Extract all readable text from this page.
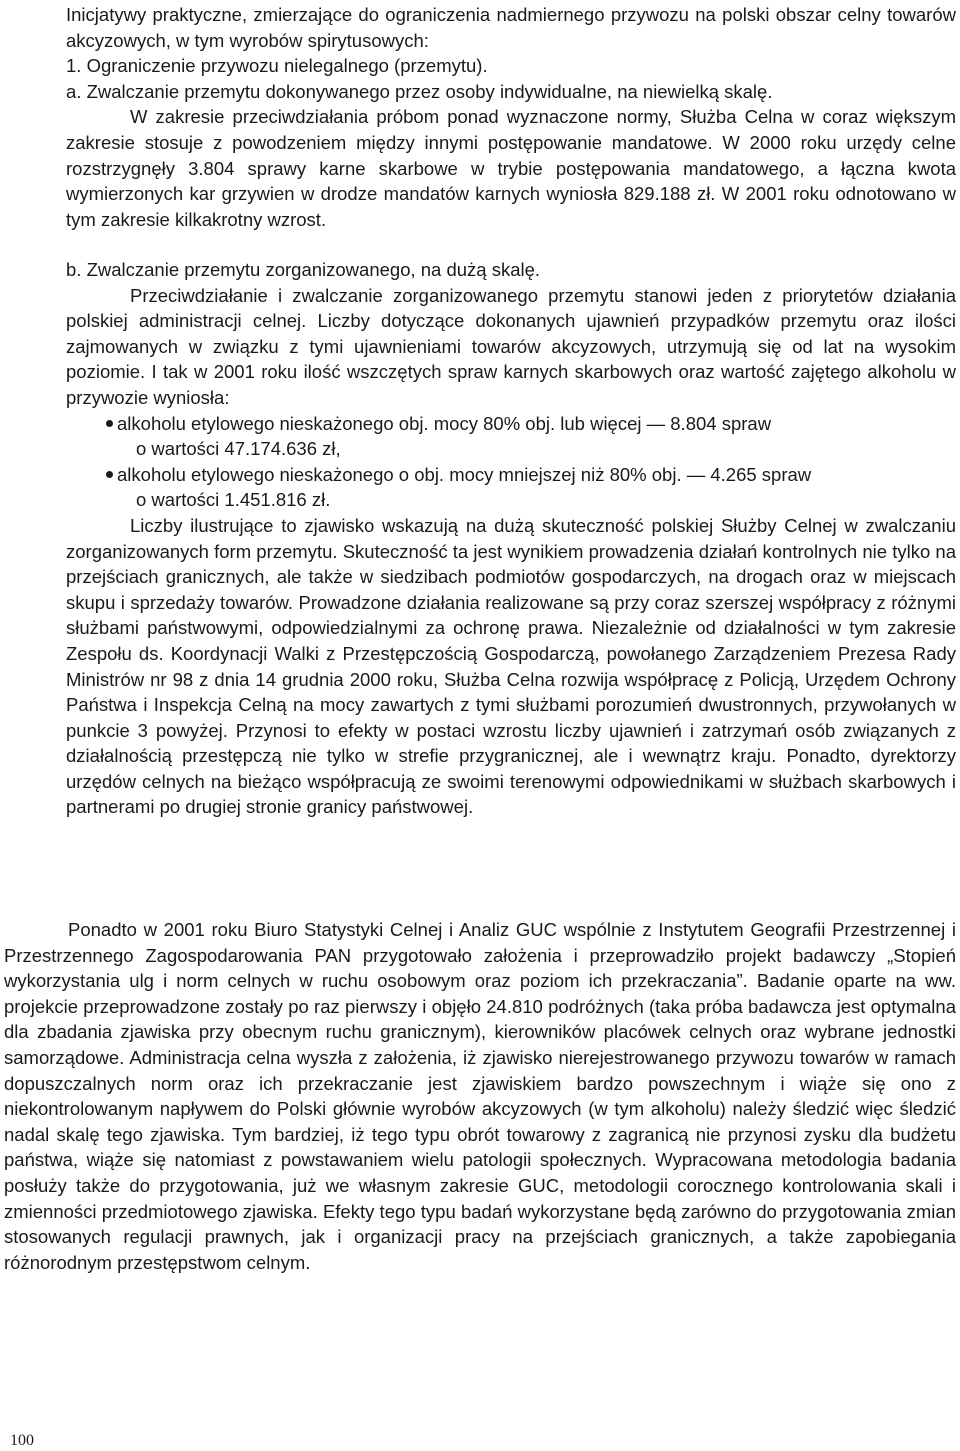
Inicjatywy praktyczne, zmierzające do ograniczenia nadmiernego przywozu na polski obszar celny towarów akcyzowych, w tym wyrobów spirytusowych:

1. Ograniczenie przywozu nielegalnego (przemytu).

a. Zwalczanie przemytu dokonywanego przez osoby indywidualne, na niewielką skalę.

W zakresie przeciwdziałania próbom ponad wyznaczone normy, Służba Celna w coraz większym zakresie stosuje z powodzeniem między innymi postępowanie mandatowe. W 2000 roku urzędy celne rozstrzygnęły 3.804 sprawy karne skarbowe w trybie postępowania mandatowego, a łączna kwota wymierzonych kar grzywien w drodze mandatów karnych wyniosła 829.188 zł. W 2001 roku odnotowano w tym zakresie kilkakrotny wzrost.

b. Zwalczanie przemytu zorganizowanego, na dużą skalę.

Przeciwdziałanie i zwalczanie zorganizowanego przemytu stanowi jeden z priorytetów działania polskiej administracji celnej. Liczby dotyczące dokonanych ujawnień przypadków przemytu oraz ilości zajmowanych w związku z tymi ujawnieniami towarów akcyzowych, utrzymują się od lat na wysokim poziomie. I tak w 2001 roku ilość wszczętych spraw karnych skarbowych oraz wartość zajętego alkoholu w przywozie wyniosła:

alkoholu etylowego nieskażonego obj. mocy 80% obj. lub więcej — 8.804 spraw

o wartości 47.174.636 zł,

alkoholu etylowego nieskażonego o obj. mocy mniejszej niż 80% obj. — 4.265 spraw

o wartości 1.451.816 zł.

Liczby ilustrujące to zjawisko wskazują na dużą skuteczność polskiej Służby Celnej w zwalczaniu zorganizowanych form przemytu. Skuteczność ta jest wynikiem prowadzenia działań kontrolnych nie tylko na przejściach granicznych, ale także w siedzibach podmiotów gospodarczych, na drogach oraz w miejscach skupu i sprzedaży towarów. Prowadzone działania realizowane są przy coraz szerszej współpracy z różnymi służbami państwowymi, odpowiedzialnymi za ochronę prawa. Niezależnie od działalności w tym zakresie Zespołu ds. Koordynacji Walki z Przestępczością Gospodarczą, powołanego Zarządzeniem Prezesa Rady Ministrów nr 98 z dnia 14 grudnia 2000 roku, Służba Celna rozwija współpracę z Policją, Urzędem Ochrony Państwa i Inspekcja Celną na mocy zawartych z tymi służbami porozumień dwustronnych, przywołanych w punkcie 3 powyżej. Przynosi to efekty w postaci wzrostu liczby ujawnień i zatrzymań osób związanych z działalnością przestępczą nie tylko w strefie przygranicznej, ale i wewnątrz kraju. Ponadto, dyrektorzy urzędów celnych na bieżąco współpracują ze swoimi terenowymi odpowiednikami w służbach skarbowych i partnerami po drugiej stronie granicy państwowej.

Ponadto w 2001 roku Biuro Statystyki Celnej i Analiz GUC wspólnie z Instytutem Geografii Przestrzennej i Przestrzennego Zagospodarowania PAN przygotowało założenia i przeprowadziło projekt badawczy „Stopień wykorzystania ulg i norm celnych w ruchu osobowym oraz poziom ich przekraczania”. Badanie oparte na ww. projekcie przeprowadzone zostały po raz pierwszy i objęło 24.810 podróżnych (taka próba badawcza jest optymalna dla zbadania zjawiska przy obecnym ruchu granicznym), kierowników placówek celnych oraz wybrane jednostki samorządowe. Administracja celna wyszła z założenia, iż zjawisko nierejestrowanego przywozu towarów w ramach dopuszczalnych norm oraz ich przekraczanie jest zjawiskiem bardzo powszechnym i wiąże się ono z niekontrolowanym napływem do Polski głównie wyrobów akcyzowych (w tym alkoholu) należy śledzić więc śledzić nadal skalę tego zjawiska. Tym bardziej, iż tego typu obrót towarowy z zagranicą nie przynosi zysku dla budżetu państwa, wiąże się natomiast z powstawaniem wielu patologii społecznych. Wypracowana metodologia badania posłuży także do przygotowania, już we własnym zakresie GUC, metodologii corocznego kontrolowania skali i zmienności przedmiotowego zjawiska. Efekty tego typu badań wykorzystane będą zarówno do przygotowania zmian stosowanych regulacji prawnych, jak i organizacji pracy na przejściach granicznych, a także zapobiegania różnorodnym przestępstwom celnym.

100
